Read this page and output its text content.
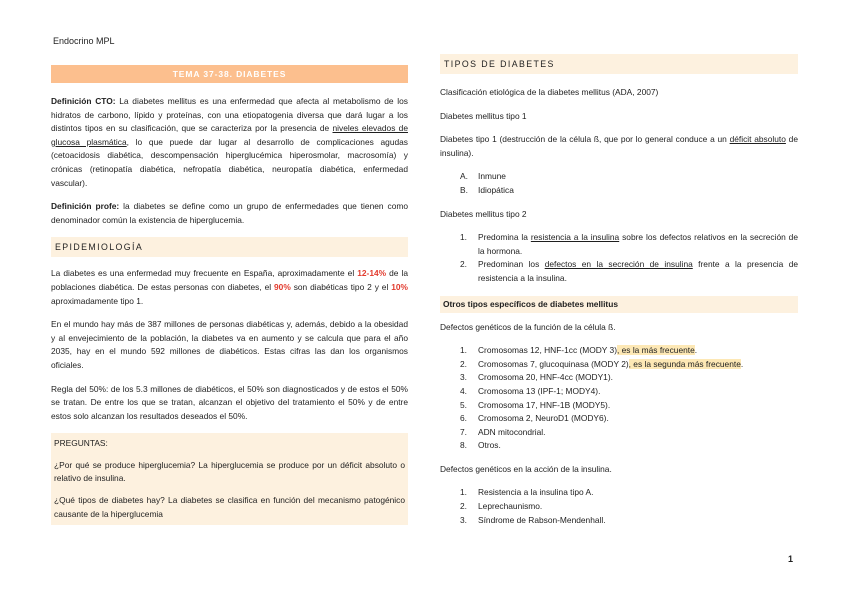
Endocrino MPL
TEMA 37-38. DIABETES

Definición CTO: La diabetes mellitus es una enfermedad que afecta al metabolismo de los hidratos de carbono, lípido y proteínas, con una etiopatogenia diversa que dará lugar a los distintos tipos en su clasificación, que se caracteriza por la presencia de niveles elevados de glucosa plasmática, lo que puede dar lugar al desarrollo de complicaciones agudas (cetoacidosis diabética, descompensación hiperglucémica hiperosmolar, macrosomía) y crónicas (retinopatía diabética, nefropatía diabética, neuropatía diabética, enfermedad vascular).

Definición profe: la diabetes se define como un grupo de enfermedades que tienen como denominador común la existencia de hiperglucemia.

EPIDEMIOLOGÍA

La diabetes es una enfermedad muy frecuente en España, aproximadamente el 12-14% de la poblaciones diabética. De estas personas con diabetes, el 90% son diabéticas tipo 2 y el 10% aproximadamente tipo 1.

En el mundo hay más de 387 millones de personas diabéticas y, además, debido a la obesidad y al envejecimiento de la población, la diabetes va en aumento y se calcula que para el año 2035, hay en el mundo 592 millones de diabéticos. Estas cifras las dan los organismos oficiales.

Regla del 50%: de los 5.3 millones de diabéticos, el 50% son diagnosticados y de estos el 50% se tratan. De entre los que se tratan, alcanzan el objetivo del tratamiento el 50% y de entre estos solo alcanzan los resultados deseados el 50%.

PREGUNTAS:

¿Por qué se produce hiperglucemia? La hiperglucemia se produce por un déficit absoluto o relativo de insulina.

¿Qué tipos de diabetes hay? La diabetes se clasifica en función del mecanismo patogénico causante de la hiperglucemia

TIPOS DE DIABETES

Clasificación etiológica de la diabetes mellitus (ADA, 2007)

Diabetes mellitus tipo 1

Diabetes tipo 1 (destrucción de la célula ß, que por lo general conduce a un déficit absoluto de insulina).

A. Inmune
B. Idiopática

Diabetes mellitus tipo 2

1. Predomina la resistencia a la insulina sobre los defectos relativos en la secreción de la hormona.
2. Predominan los defectos en la secreción de insulina frente a la presencia de resistencia a la insulina.
Otros tipos específicos de diabetes mellitus

Defectos genéticos de la función de la célula ß.

1. Cromosomas 12, HNF-1cc (MODY 3), es la más frecuente.
2. Cromosomas 7, glucoquinasa (MODY 2), es la segunda más frecuente.
3. Cromosoma 20, HNF-4cc (MODY1).
4. Cromosoma 13 (IPF-1; MODY4).
5. Cromosoma 17, HNF-1B (MODY5).
6. Cromosoma 2, NeuroD1 (MODY6).
7. ADN mitocondrial.
8. Otros.

Defectos genéticos en la acción de la insulina.

1. Resistencia a la insulina tipo A.
2. Leprechaunismo.
3. Síndrome de Rabson-Mendenhall.
1
